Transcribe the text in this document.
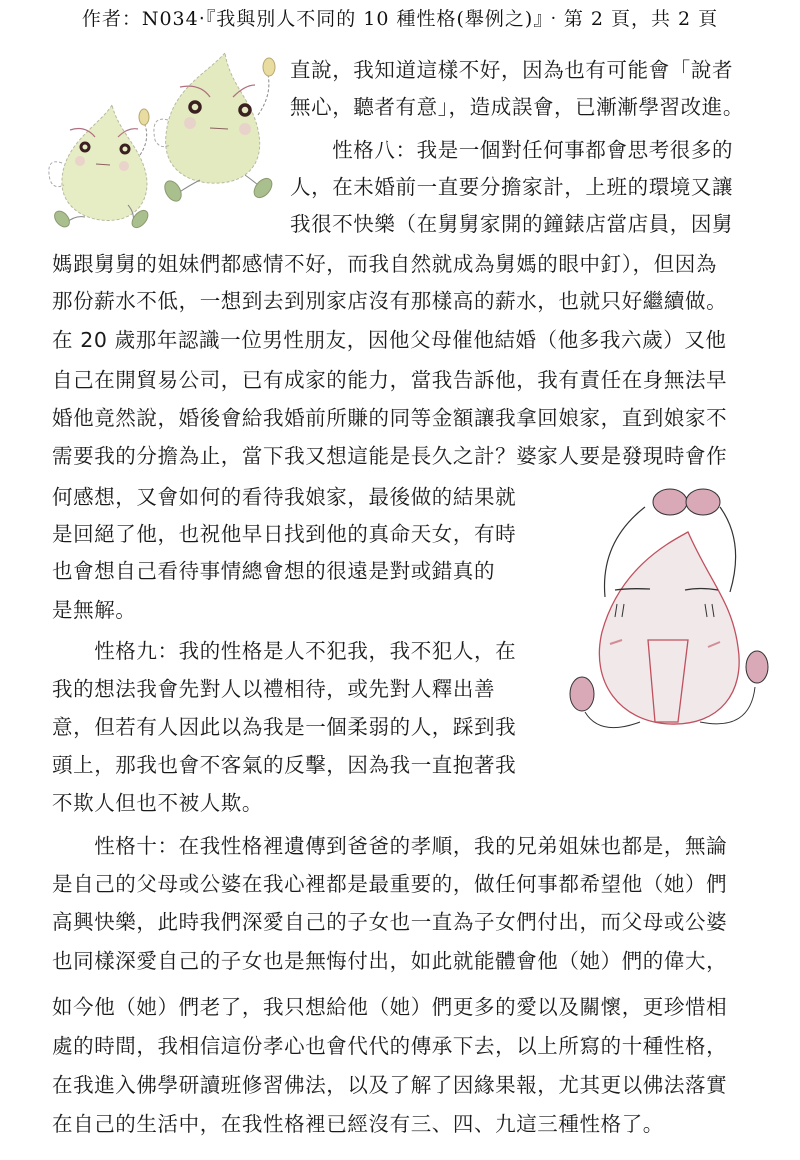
作者：N034‧『我與別人不同的 10 種性格(舉例之)』‧第 2 頁，共 2 頁
直說，我知道這樣不好，因為也有可能會「說者
無心，聽者有意」，造成誤會，已漸漸學習改進。
　　性格八：我是一個對任何事都會思考很多的
人，在未婚前一直要分擔家計，上班的環境又讓
我很不快樂（在舅舅家開的鐘錶店當店員，因舅
媽跟舅舅的姐妹們都感情不好，而我自然就成為舅媽的眼中釘），但因為
那份薪水不低，一想到去到別家店沒有那樣高的薪水，也就只好繼續做。
在 20 歲那年認識一位男性朋友，因他父母催他結婚（他多我六歲）又他
自己在開貿易公司，已有成家的能力，當我告訴他，我有責任在身無法早
婚他竟然說，婚後會給我婚前所賺的同等金額讓我拿回娘家，直到娘家不
需要我的分擔為止，當下我又想這能是長久之計？婆家人要是發現時會作
何感想，又會如何的看待我娘家，最後做的結果就
是回絕了他，也祝他早日找到他的真命天女，有時
也會想自己看待事情總會想的很遠是對或錯真的
是無解。
　　性格九：我的性格是人不犯我，我不犯人，在
我的想法我會先對人以禮相待，或先對人釋出善
意，但若有人因此以為我是一個柔弱的人，踩到我
頭上，那我也會不客氣的反擊，因為我一直抱著我
不欺人但也不被人欺。
　　性格十：在我性格裡遺傳到爸爸的孝順，我的兄弟姐妹也都是，無論
是自己的父母或公婆在我心裡都是最重要的，做任何事都希望他（她）們
高興快樂，此時我們深愛自己的子女也一直為子女們付出，而父母或公婆
也同樣深愛自己的子女也是無悔付出，如此就能體會他（她）們的偉大，
如今他（她）們老了，我只想給他（她）們更多的愛以及關懷，更珍惜相
處的時間，我相信這份孝心也會代代的傳承下去，以上所寫的十種性格，
在我進入佛學研讀班修習佛法，以及了解了因緣果報，尤其更以佛法落實
在自己的生活中，在我性格裡已經沒有三、四、九這三種性格了。
